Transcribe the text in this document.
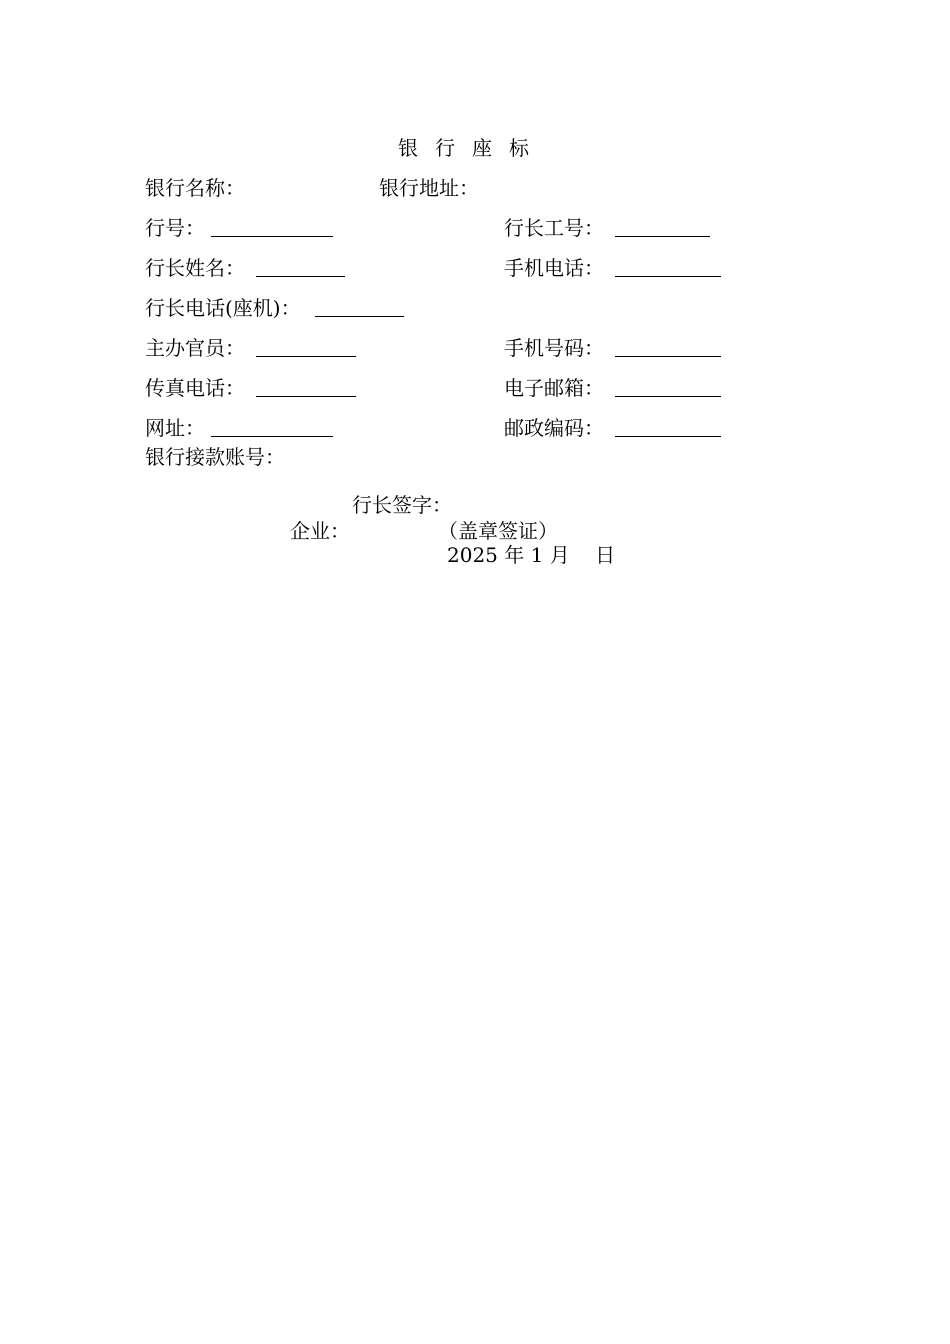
银行座标
银行名称：	银行地址：
行号：	行长工号：
行长姓名：	手机电话：
行长电话(座机)：
主办官员：	手机号码：
传真电话：	电子邮箱：
网址：	邮政编码：
银行接款账号：
行长签字：
企业：	（盖章签证）
2025 年 1 月    日
